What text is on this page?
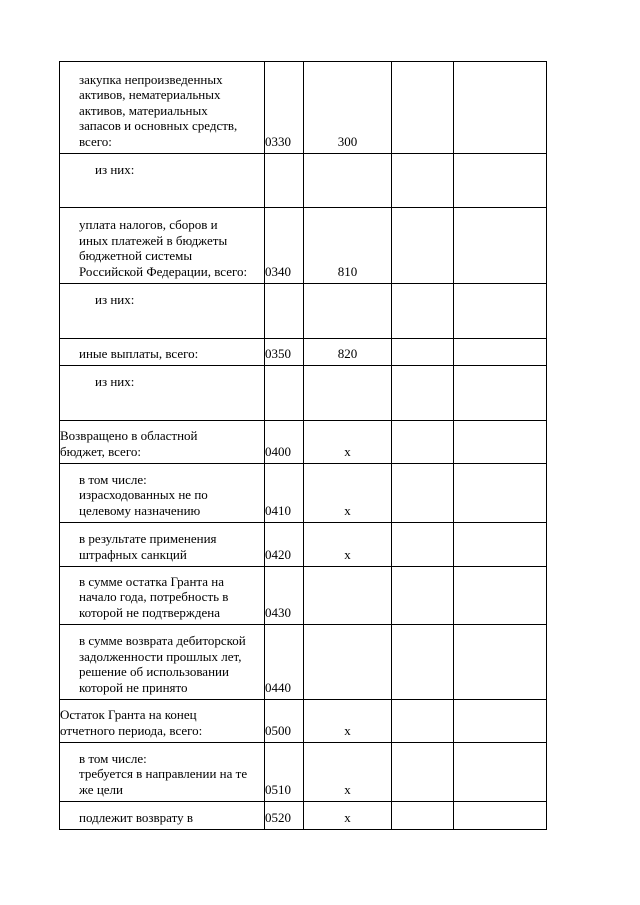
закупка непроизведенных
активов, нематериальных
активов, материальных
запасов и основных средств,
всего:	0330	300		
из них:				
уплата налогов, сборов и
иных платежей в бюджеты
бюджетной системы
Российской Федерации, всего:	0340	810		
из них:				
иные выплаты, всего:	0350	820		
из них:				
Возвращено в областной
бюджет, всего:	0400	х		
в том числе:
израсходованных не по
целевому назначению	0410	х		
в результате применения
штрафных санкций	0420	х		
в сумме остатка Гранта на
начало года, потребность в
которой не подтверждена	0430			
в сумме возврата дебиторской
задолженности прошлых лет,
решение об использовании
которой не принято	0440			
Остаток Гранта на конец
отчетного периода, всего:	0500	х		
в том числе:
требуется в направлении на те
же цели	0510	х		
подлежит возврату в	0520	х		
